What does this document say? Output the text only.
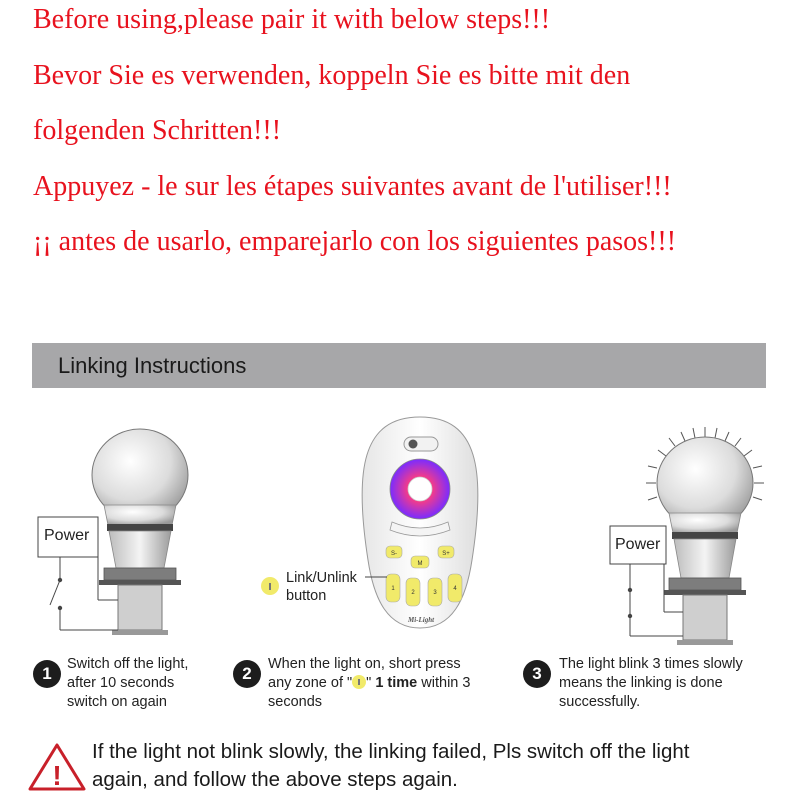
Before using,please pair it with below steps!!!
Bevor Sie es verwenden, koppeln Sie es bitte mit den
folgenden Schritten!!!
Appuyez - le sur les étapes suivantes avant de l'utiliser!!!
¡¡ antes de usarlo, emparejarlo con los siguientes pasos!!!
Linking Instructions
S-
M
S+
1
2	3
4
Mi-Light
!
Power
Power
Link/Unlink
button
1	Switch off the light,
after 10 seconds
switch on again
2	When the light on, short press
any zone of " " 1 time within 3
seconds
3	The light blink 3 times slowly
means the linking is done
successfully.
If the light not blink slowly, the linking failed, Pls switch off the light
again, and follow the above steps again.
